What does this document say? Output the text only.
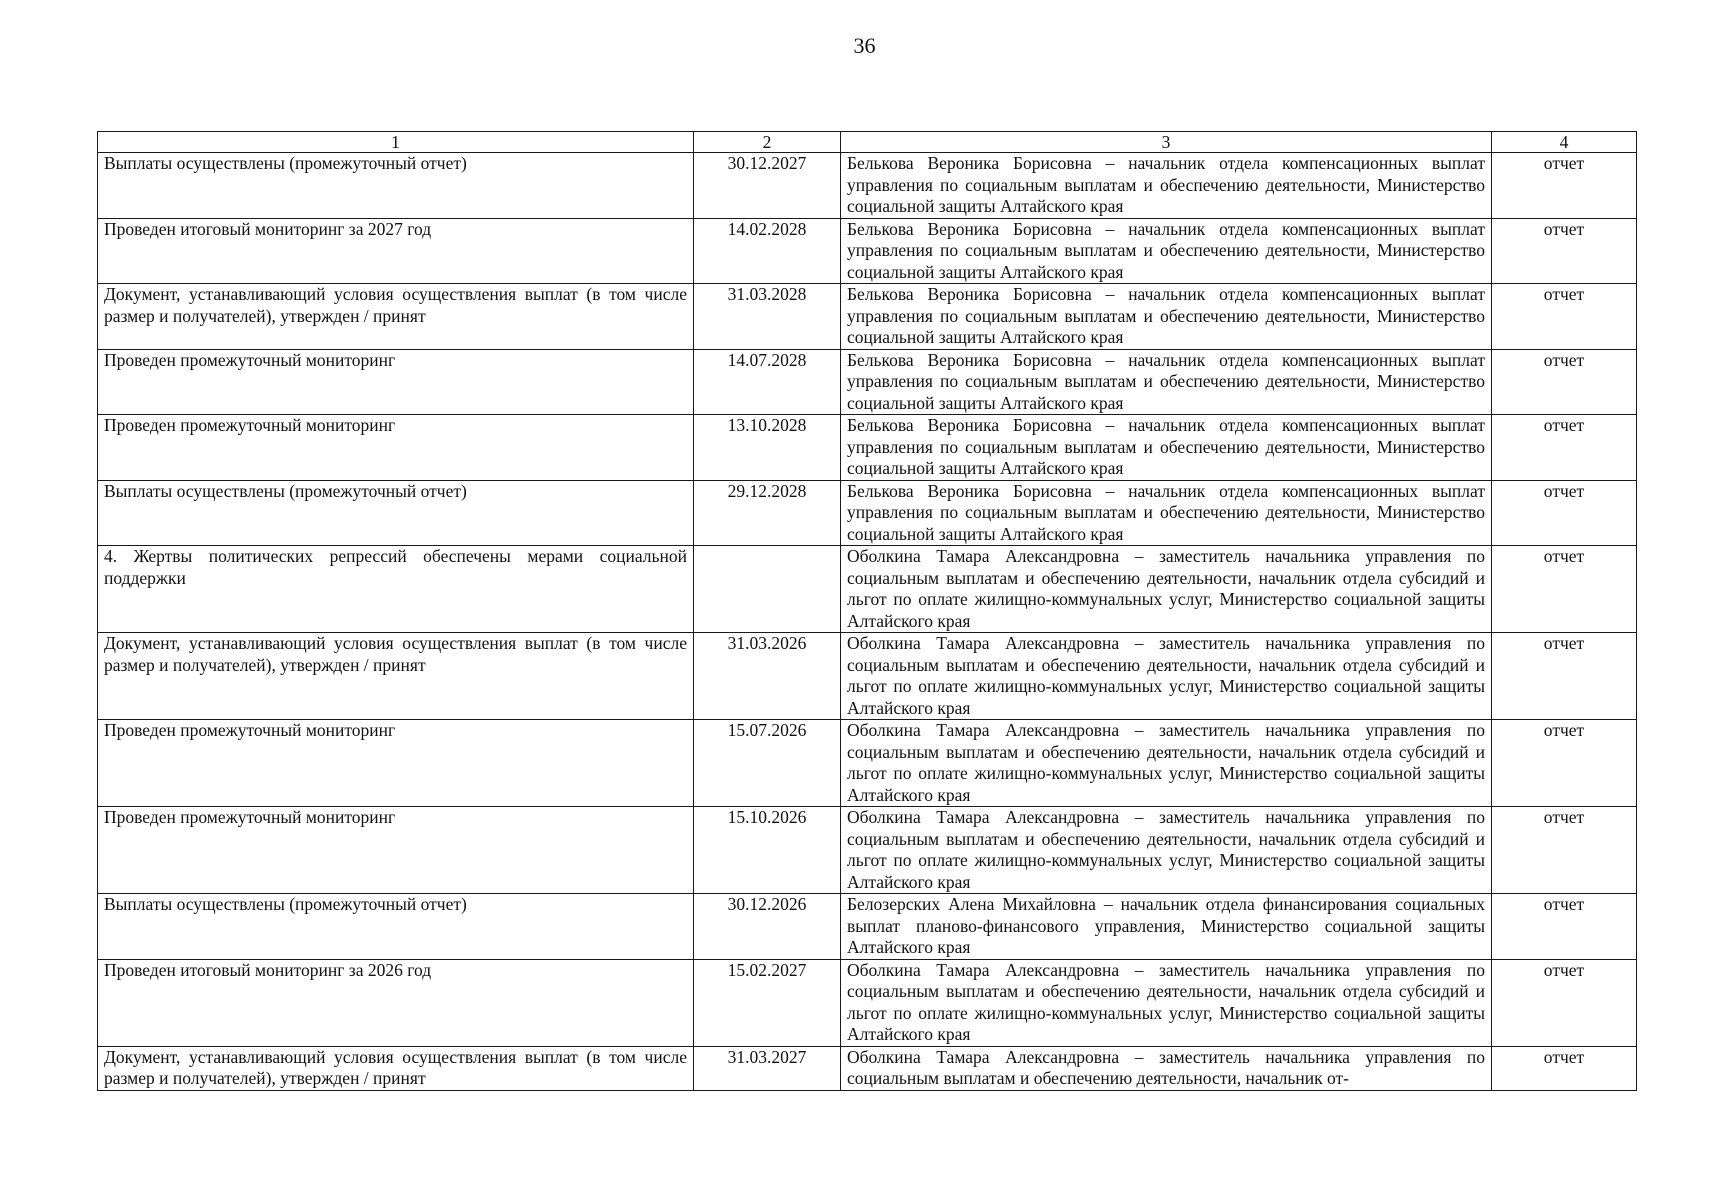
36
1	2	3	4
Выплаты осуществлены (промежуточный отчет)	30.12.2027	Белькова Вероника Борисовна – начальник отдела компенсационных выплат управления по социальным выплатам и обеспечению деятельности, Министерство социальной защиты Алтайского края	отчет
Проведен итоговый мониторинг за 2027 год	14.02.2028	Белькова Вероника Борисовна – начальник отдела компенсационных выплат управления по социальным выплатам и обеспечению деятельности, Министерство социальной защиты Алтайского края	отчет
Документ, устанавливающий условия осуществления выплат (в том числе размер и получателей), утвержден / принят	31.03.2028	Белькова Вероника Борисовна – начальник отдела компенсационных выплат управления по социальным выплатам и обеспечению деятельности, Министерство социальной защиты Алтайского края	отчет
Проведен промежуточный мониторинг	14.07.2028	Белькова Вероника Борисовна – начальник отдела компенсационных выплат управления по социальным выплатам и обеспечению деятельности, Министерство социальной защиты Алтайского края	отчет
Проведен промежуточный мониторинг	13.10.2028	Белькова Вероника Борисовна – начальник отдела компенсационных выплат управления по социальным выплатам и обеспечению деятельности, Министерство социальной защиты Алтайского края	отчет
Выплаты осуществлены (промежуточный отчет)	29.12.2028	Белькова Вероника Борисовна – начальник отдела компенсационных выплат управления по социальным выплатам и обеспечению деятельности, Министерство социальной защиты Алтайского края	отчет
4. Жертвы политических репрессий обеспечены мерами социальной поддержки		Оболкина Тамара Александровна – заместитель начальника управления по социальным выплатам и обеспечению деятельности, начальник отдела субсидий и льгот по оплате жилищно-коммунальных услуг, Министерство социальной защиты Алтайского края	отчет
Документ, устанавливающий условия осуществления выплат (в том числе размер и получателей), утвержден / принят	31.03.2026	Оболкина Тамара Александровна – заместитель начальника управления по социальным выплатам и обеспечению деятельности, начальник отдела субсидий и льгот по оплате жилищно-коммунальных услуг, Министерство социальной защиты Алтайского края	отчет
Проведен промежуточный мониторинг	15.07.2026	Оболкина Тамара Александровна – заместитель начальника управления по социальным выплатам и обеспечению деятельности, начальник отдела субсидий и льгот по оплате жилищно-коммунальных услуг, Министерство социальной защиты Алтайского края	отчет
Проведен промежуточный мониторинг	15.10.2026	Оболкина Тамара Александровна – заместитель начальника управления по социальным выплатам и обеспечению деятельности, начальник отдела субсидий и льгот по оплате жилищно-коммунальных услуг, Министерство социальной защиты Алтайского края	отчет
Выплаты осуществлены (промежуточный отчет)	30.12.2026	Белозерских Алена Михайловна – начальник отдела финансирования социальных выплат планово-финансового управления, Министерство социальной защиты Алтайского края	отчет
Проведен итоговый мониторинг за 2026 год	15.02.2027	Оболкина Тамара Александровна – заместитель начальника управления по социальным выплатам и обеспечению деятельности, начальник отдела субсидий и льгот по оплате жилищно-коммунальных услуг, Министерство социальной защиты Алтайского края	отчет
Документ, устанавливающий условия осуществления выплат (в том числе размер и получателей), утвержден / принят	31.03.2027	Оболкина Тамара Александровна – заместитель начальника управления по социальным выплатам и обеспечению деятельности, начальник от-	отчет
